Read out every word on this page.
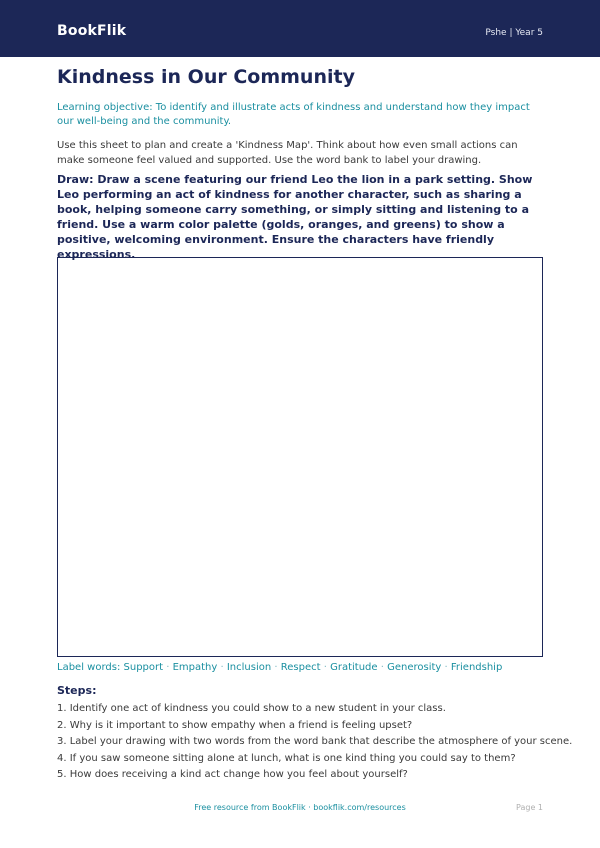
BookFlik	Pshe | Year 5
Kindness in Our Community

Learning objective: To identify and illustrate acts of kindness and understand how they impact our well-being and the community.

Use this sheet to plan and create a 'Kindness Map'. Think about how even small actions can make someone feel valued and supported. Use the word bank to label your drawing.

Draw: Draw a scene featuring our friend Leo the lion in a park setting. Show Leo performing an act of kindness for another character, such as sharing a book, helping someone carry something, or simply sitting and listening to a friend. Use a warm color palette (golds, oranges, and greens) to show a positive, welcoming environment. Ensure the characters have friendly expressions.

Label words: Support · Empathy · Inclusion · Respect · Gratitude · Generosity · Friendship
Steps:
1. Identify one act of kindness you could show to a new student in your class.
2. Why is it important to show empathy when a friend is feeling upset?
3. Label your drawing with two words from the word bank that describe the atmosphere of your scene.
4. If you saw someone sitting alone at lunch, what is one kind thing you could say to them?
5. How does receiving a kind act change how you feel about yourself?
Free resource from BookFlik · bookflik.com/resources	Page 1
